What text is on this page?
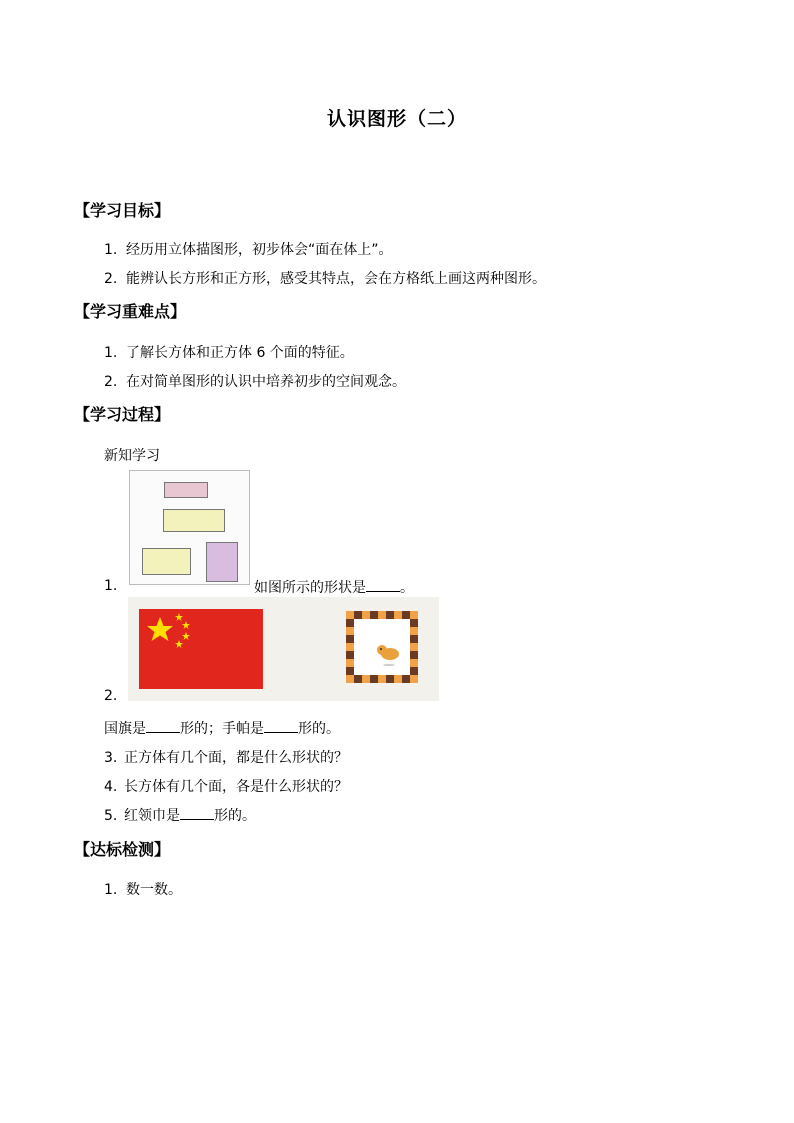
认识图形（二）
【学习目标】
1. 经历用立体描图形，初步体会“面在体上”。
2. 能辨认长方形和正方形，感受其特点，会在方格纸上画这两种图形。
【学习重难点】
1. 了解长方体和正方体 6 个面的特征。
2. 在对简单图形的认识中培养初步的空间观念。
【学习过程】
新知学习
1.	如图所示的形状是 。
2.
国旗是 形的；手帕是 形的。
3. 正方体有几个面，都是什么形状的？
4. 长方体有几个面，各是什么形状的？
5. 红领巾是 形的。
【达标检测】
1. 数一数。
